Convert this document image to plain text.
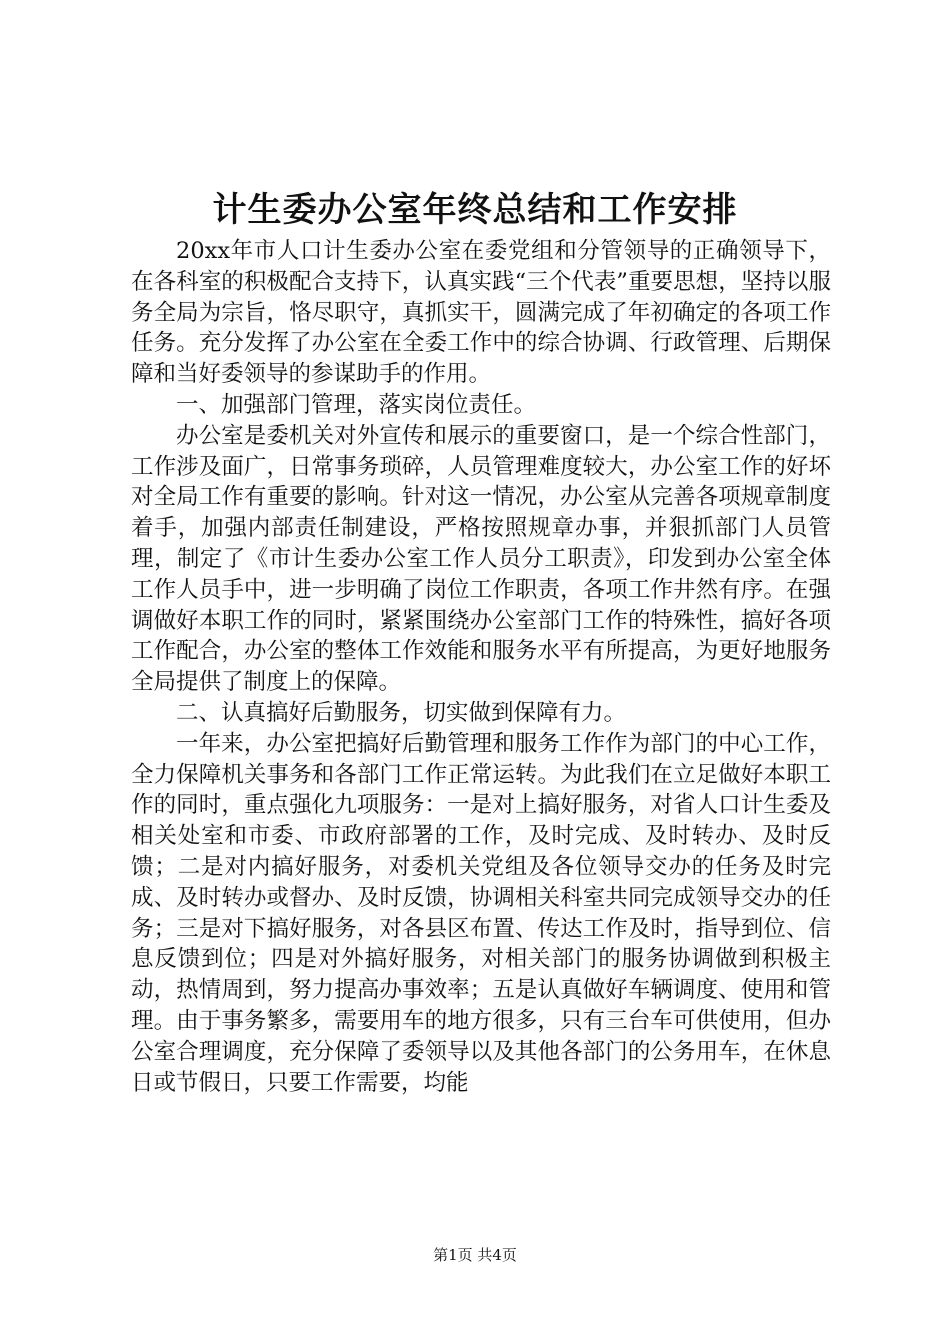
计生委办公室年终总结和工作安排

20xx年市人口计生委办公室在委党组和分管领导的正确领导下，在各科室的积极配合支持下，认真实践“三个代表”重要思想，坚持以服务全局为宗旨，恪尽职守，真抓实干，圆满完成了年初确定的各项工作任务。充分发挥了办公室在全委工作中的综合协调、行政管理、后期保障和当好委领导的参谋助手的作用。

一、加强部门管理，落实岗位责任。

办公室是委机关对外宣传和展示的重要窗口，是一个综合性部门，工作涉及面广，日常事务琐碎，人员管理难度较大，办公室工作的好坏对全局工作有重要的影响。针对这一情况，办公室从完善各项规章制度着手，加强内部责任制建设，严格按照规章办事，并狠抓部门人员管理，制定了《市计生委办公室工作人员分工职责》，印发到办公室全体工作人员手中，进一步明确了岗位工作职责，各项工作井然有序。在强调做好本职工作的同时，紧紧围绕办公室部门工作的特殊性，搞好各项工作配合，办公室的整体工作效能和服务水平有所提高，为更好地服务全局提供了制度上的保障。

二、认真搞好后勤服务，切实做到保障有力。

一年来，办公室把搞好后勤管理和服务工作作为部门的中心工作，全力保障机关事务和各部门工作正常运转。为此我们在立足做好本职工作的同时，重点强化九项服务：一是对上搞好服务，对省人口计生委及相关处室和市委、市政府部署的工作，及时完成、及时转办、及时反馈；二是对内搞好服务，对委机关党组及各位领导交办的任务及时完成、及时转办或督办、及时反馈，协调相关科室共同完成领导交办的任务；三是对下搞好服务，对各县区布置、传达工作及时，指导到位、信息反馈到位；四是对外搞好服务，对相关部门的服务协调做到积极主动，热情周到，努力提高办事效率；五是认真做好车辆调度、使用和管理。由于事务繁多，需要用车的地方很多，只有三台车可供使用，但办公室合理调度，充分保障了委领导以及其他各部门的公务用车，在休息日或节假日，只要工作需要，均能

第1页 共4页
